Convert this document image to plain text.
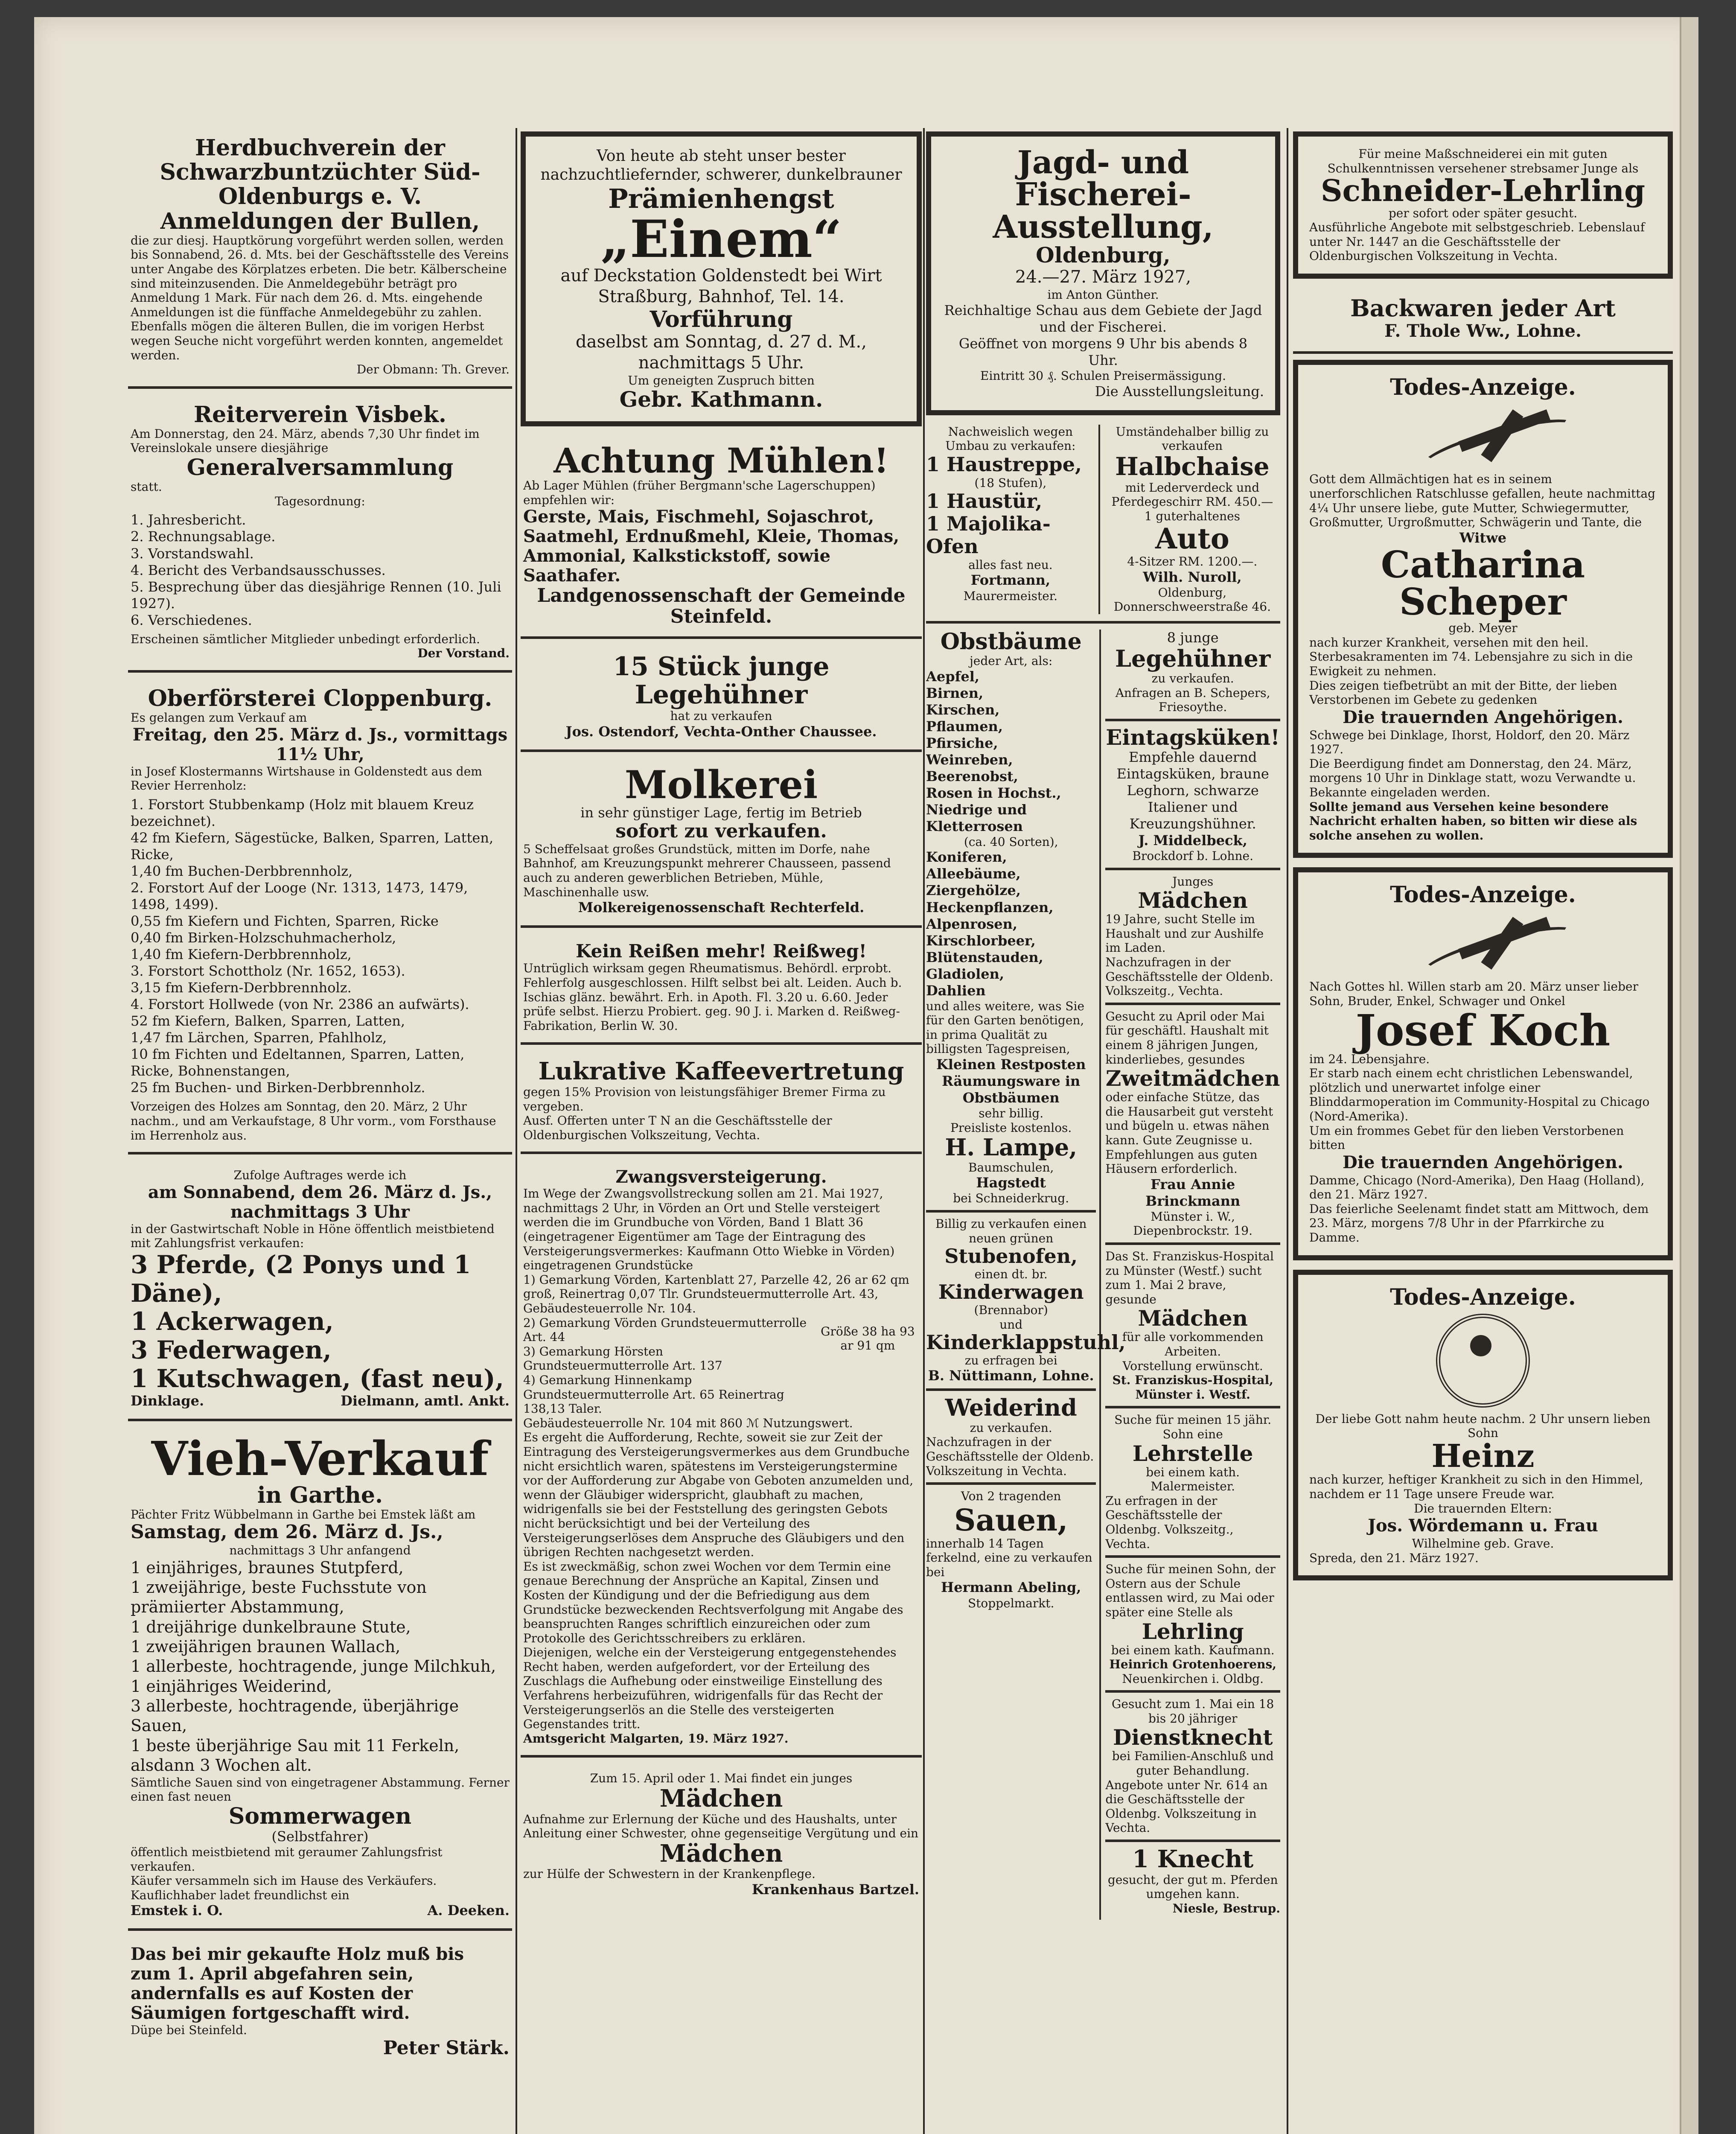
Herdbuchverein der Schwarzbuntzüchter Süd-Oldenburgs e. V.
Anmeldungen der Bullen,
die zur diesj. Hauptkörung vorgeführt werden sollen, werden bis Sonnabend, 26. d. Mts. bei der Geschäftsstelle des Vereins unter Angabe des Körplatzes erbeten. Die betr. Kälberscheine sind miteinzusenden. Die Anmeldegebühr beträgt pro Anmeldung 1 Mark. Für nach dem 26. d. Mts. eingehende Anmeldungen ist die fünffache Anmeldegebühr zu zahlen. Ebenfalls mögen die älteren Bullen, die im vorigen Herbst wegen Seuche nicht vorgeführt werden konnten, angemeldet werden.
Der Obmann: Th. Grever.
Reiterverein Visbek.
Am Donnerstag, den 24. März, abends 7,30 Uhr findet im Vereinslokale unsere diesjährige
Generalversammlung
statt.
Tagesordnung:
1. Jahresbericht.
2. Rechnungsablage.
3. Vorstandswahl.
4. Bericht des Verbandsausschusses.
5. Besprechung über das diesjährige Rennen (10. Juli 1927).
6. Verschiedenes.
Erscheinen sämtlicher Mitglieder unbedingt erforderlich.
Der Vorstand.
Oberförsterei Cloppenburg.
Es gelangen zum Verkauf am
Freitag, den 25. März d. Js., vormittags 11½ Uhr,
in Josef Klostermanns Wirtshause in Goldenstedt aus dem Revier Herrenholz:
1. Forstort Stubbenkamp (Holz mit blauem Kreuz bezeichnet).
42 fm Kiefern, Sägestücke, Balken, Sparren, Latten, Ricke,
1,40 fm Buchen-Derbbrennholz,
2. Forstort Auf der Looge (Nr. 1313, 1473, 1479, 1498, 1499).
0,55 fm Kiefern und Fichten, Sparren, Ricke
0,40 fm Birken-Holzschuhmacherholz,
1,40 fm Kiefern-Derbbrennholz,
3. Forstort Schottholz (Nr. 1652, 1653).
3,15 fm Kiefern-Derbbrennholz.
4. Forstort Hollwede (von Nr. 2386 an aufwärts).
52 fm Kiefern, Balken, Sparren, Latten,
1,47 fm Lärchen, Sparren, Pfahlholz,
10 fm Fichten und Edeltannen, Sparren, Latten, Ricke, Bohnenstangen,
25 fm Buchen- und Birken-Derbbrennholz.
Vorzeigen des Holzes am Sonntag, den 20. März, 2 Uhr nachm., und am Verkaufstage, 8 Uhr vorm., vom Forsthause im Herrenholz aus.
Zufolge Auftrages werde ich
am Sonnabend, dem 26. März d. Js., nachmittags 3 Uhr
in der Gastwirtschaft Noble in Höne öffentlich meistbietend mit Zahlungsfrist verkaufen:
3 Pferde, (2 Ponys und 1 Däne),
1 Ackerwagen,
3 Federwagen,
1 Kutschwagen, (fast neu),
Dinklage.	Dielmann, amtl. Ankt.
Vieh-Verkauf
in Garthe.
Pächter Fritz Wübbelmann in Garthe bei Emstek läßt am
Samstag, dem 26. März d. Js.,
nachmittags 3 Uhr anfangend
1 einjähriges, braunes Stutpferd,
1 zweijährige, beste Fuchsstute von prämiierter Abstammung,
1 dreijährige dunkelbraune Stute,
1 zweijährigen braunen Wallach,
1 allerbeste, hochtragende, junge Milchkuh,
1 einjähriges Weiderind,
3 allerbeste, hochtragende, überjährige Sauen,
1 beste überjährige Sau mit 11 Ferkeln, alsdann 3 Wochen alt.
Sämtliche Sauen sind von eingetragener Abstammung. Ferner einen fast neuen
Sommerwagen
(Selbstfahrer)
öffentlich meistbietend mit geraumer Zahlungsfrist verkaufen.
Käufer versammeln sich im Hause des Verkäufers. Kauflichhaber ladet freundlichst ein
Emstek i. O.	A. Deeken.
Das bei mir gekaufte Holz muß bis zum 1. April abgefahren sein, andernfalls es auf Kosten der Säumigen fortgeschafft wird.
Düpe bei Steinfeld.
Peter Stärk.
Von heute ab steht unser bester nachzuchtliefernder, schwerer, dunkelbrauner
Prämienhengst
„Einem“
auf Deckstation Goldenstedt bei Wirt Straßburg, Bahnhof, Tel. 14.
Vorführung
daselbst am Sonntag, d. 27 d. M., nachmittags 5 Uhr.
Um geneigten Zuspruch bitten
Gebr. Kathmann.
Achtung Mühlen!
Ab Lager Mühlen (früher Bergmann'sche Lagerschuppen) empfehlen wir:
Gerste, Mais, Fischmehl, Sojaschrot, Saatmehl, Erdnußmehl, Kleie, Thomas, Ammonial, Kalkstickstoff, sowie Saathafer.
Landgenossenschaft der Gemeinde Steinfeld.
15 Stück junge Legehühner
hat zu verkaufen
Jos. Ostendorf, Vechta-Onther Chaussee.
Molkerei
in sehr günstiger Lage, fertig im Betrieb
sofort zu verkaufen.
5 Scheffelsaat großes Grundstück, mitten im Dorfe, nahe Bahnhof, am Kreuzungspunkt mehrerer Chausseen, passend auch zu anderen gewerblichen Betrieben, Mühle, Maschinenhalle usw.
Molkereigenossenschaft Rechterfeld.
Kein Reißen mehr! Reißweg!
Untrüglich wirksam gegen Rheumatismus. Behördl. erprobt. Fehlerfolg ausgeschlossen. Hilft selbst bei alt. Leiden. Auch b. Ischias glänz. bewährt. Erh. in Apoth. Fl. 3.20 u. 6.60. Jeder prüfe selbst. Hierzu Probiert. geg. 90 J. i. Marken d. Reißweg-Fabrikation, Berlin W. 30.
Lukrative Kaffeevertretung
gegen 15% Provision von leistungsfähiger Bremer Firma zu vergeben.
Ausf. Offerten unter T N an die Geschäftsstelle der Oldenburgischen Volkszeitung, Vechta.
Zwangsversteigerung.
Im Wege der Zwangsvollstreckung sollen am 21. Mai 1927, nachmittags 2 Uhr, in Vörden an Ort und Stelle versteigert werden die im Grundbuche von Vörden, Band 1 Blatt 36 (eingetragener Eigentümer am Tage der Eintragung des Versteigerungsvermerkes: Kaufmann Otto Wiebke in Vörden) eingetragenen Grundstücke
1) Gemarkung Vörden, Kartenblatt 27, Parzelle 42, 26 ar 62 qm groß, Reinertrag 0,07 Tlr. Grundsteuermutterrolle Art. 43, Gebäudesteuerrolle Nr. 104.
2) Gemarkung Vörden Grundsteuermutterrolle Art. 44
3) Gemarkung Hörsten Grundsteuermutterrolle Art. 137
4) Gemarkung Hinnenkamp Grundsteuermutterrolle Art. 65 Reinertrag 138,13 Taler.
Größe 38 ha 93 ar 91 qm
Gebäudesteuerrolle Nr. 104 mit 860 ℳ Nutzungswert.
Es ergeht die Aufforderung, Rechte, soweit sie zur Zeit der Eintragung des Versteigerungsvermerkes aus dem Grundbuche nicht ersichtlich waren, spätestens im Versteigerungstermine vor der Aufforderung zur Abgabe von Geboten anzumelden und, wenn der Gläubiger widerspricht, glaubhaft zu machen, widrigenfalls sie bei der Feststellung des geringsten Gebots nicht berücksichtigt und bei der Verteilung des Versteigerungserlöses dem Anspruche des Gläubigers und den übrigen Rechten nachgesetzt werden.
Es ist zweckmäßig, schon zwei Wochen vor dem Termin eine genaue Berechnung der Ansprüche an Kapital, Zinsen und Kosten der Kündigung und der die Befriedigung aus dem Grundstücke bezweckenden Rechtsverfolgung mit Angabe des beanspruchten Ranges schriftlich einzureichen oder zum Protokolle des Gerichtsschreibers zu erklären.
Diejenigen, welche ein der Versteigerung entgegenstehendes Recht haben, werden aufgefordert, vor der Erteilung des Zuschlags die Aufhebung oder einstweilige Einstellung des Verfahrens herbeizuführen, widrigenfalls für das Recht der Versteigerungserlös an die Stelle des versteigerten Gegenstandes tritt.
Amtsgericht Malgarten, 19. März 1927.
Zum 15. April oder 1. Mai findet ein junges
Mädchen
Aufnahme zur Erlernung der Küche und des Haushalts, unter Anleitung einer Schwester, ohne gegenseitige Vergütung und ein
Mädchen
zur Hülfe der Schwestern in der Krankenpflege.
Krankenhaus Bartzel.
Jagd- und Fischerei-Ausstellung,
Oldenburg,
24.—27. März 1927,
im Anton Günther.
Reichhaltige Schau aus dem Gebiete der Jagd und der Fischerei.
Geöffnet von morgens 9 Uhr bis abends 8 Uhr.
Eintritt 30 ₰. Schulen Preisermässigung.
Die Ausstellungsleitung.
Nachweislich wegen Umbau zu verkaufen:
1 Haustreppe,
(18 Stufen),
1 Haustür,
1 Majolika-Ofen
alles fast neu.
Fortmann,
Maurermeister.
Umständehalber billig zu verkaufen
Halbchaise
mit Lederverdeck und Pferdegeschirr RM. 450.—
1 guterhaltenes
Auto
4-Sitzer RM. 1200.—.
Wilh. Nuroll,
Oldenburg, Donnerschweerstraße 46.
Obstbäume
jeder Art, als:
Aepfel,
Birnen,
Kirschen,
Pflaumen,
Pfirsiche,
Weinreben,
Beerenobst,
Rosen in Hochst.,
Niedrige und Kletterrosen
(ca. 40 Sorten),
Koniferen,
Alleebäume,
Ziergehölze,
Heckenpflanzen,
Alpenrosen,
Kirschlorbeer,
Blütenstauden,
Gladiolen,
Dahlien
und alles weitere, was Sie für den Garten benötigen, in prima Qualität zu billigsten Tagespreisen,
Kleinen Restposten Räumungsware in Obstbäumen
sehr billig.
Preisliste kostenlos.
H. Lampe,
Baumschulen,
Hagstedt
bei Schneiderkrug.
Billig zu verkaufen einen neuen grünen
Stubenofen,
einen dt. br.
Kinderwagen
(Brennabor)
und
Kinderklappstuhl,
zu erfragen bei
B. Nüttimann, Lohne.
Weiderind
zu verkaufen.
Nachzufragen in der Geschäftsstelle der Oldenb. Volkszeitung in Vechta.
Von 2 tragenden
Sauen,
innerhalb 14 Tagen ferkelnd, eine zu verkaufen bei
Hermann Abeling,
Stoppelmarkt.
8 junge
Legehühner
zu verkaufen.
Anfragen an B. Schepers, Friesoythe.
Eintagsküken!
Empfehle dauernd Eintagsküken, braune Leghorn, schwarze Italiener und Kreuzungshühner.
J. Middelbeck,
Brockdorf b. Lohne.
Junges
Mädchen
19 Jahre, sucht Stelle im Haushalt und zur Aushilfe im Laden.
Nachzufragen in der Geschäftsstelle der Oldenb. Volkszeitg., Vechta.
Gesucht zu April oder Mai für geschäftl. Haushalt mit einem 8 jährigen Jungen, kinderliebes, gesundes
Zweitmädchen
oder einfache Stütze, das die Hausarbeit gut versteht und bügeln u. etwas nähen kann. Gute Zeugnisse u. Empfehlungen aus guten Häusern erforderlich.
Frau Annie Brinckmann
Münster i. W., Diepenbrockstr. 19.
Das St. Franziskus-Hospital zu Münster (Westf.) sucht zum 1. Mai 2 brave, gesunde
Mädchen
für alle vorkommenden Arbeiten.
Vorstellung erwünscht.
St. Franziskus-Hospital, Münster i. Westf.
Suche für meinen 15 jähr. Sohn eine
Lehrstelle
bei einem kath. Malermeister.
Zu erfragen in der Geschäftsstelle der Oldenbg. Volkszeitg., Vechta.
Suche für meinen Sohn, der Ostern aus der Schule entlassen wird, zu Mai oder später eine Stelle als
Lehrling
bei einem kath. Kaufmann.
Heinrich Grotenhoerens,
Neuenkirchen i. Oldbg.
Gesucht zum 1. Mai ein 18 bis 20 jähriger
Dienstknecht
bei Familien-Anschluß und guter Behandlung.
Angebote unter Nr. 614 an die Geschäftsstelle der Oldenbg. Volkszeitung in Vechta.
1 Knecht
gesucht, der gut m. Pferden umgehen kann.
Niesle, Bestrup.
Für meine Maßschneiderei ein mit guten Schulkenntnissen versehener strebsamer Junge als
Schneider-Lehrling
per sofort oder später gesucht.
Ausführliche Angebote mit selbstgeschrieb. Lebenslauf unter Nr. 1447 an die Geschäftsstelle der Oldenburgischen Volkszeitung in Vechta.
Backwaren jeder Art
F. Thole Ww., Lohne.
Todes-Anzeige.
Gott dem Allmächtigen hat es in seinem unerforschlichen Ratschlusse gefallen, heute nachmittag 4¼ Uhr unsere liebe, gute Mutter, Schwiegermutter, Großmutter, Urgroßmutter, Schwägerin und Tante, die
Witwe
Catharina Scheper
geb. Meyer
nach kurzer Krankheit, versehen mit den heil. Sterbesakramenten im 74. Lebensjahre zu sich in die Ewigkeit zu nehmen.
Dies zeigen tiefbetrübt an mit der Bitte, der lieben Verstorbenen im Gebete zu gedenken
Die trauernden Angehörigen.
Schwege bei Dinklage, Ihorst, Holdorf, den 20. März 1927.
Die Beerdigung findet am Donnerstag, den 24. März, morgens 10 Uhr in Dinklage statt, wozu Verwandte u. Bekannte eingeladen werden.
Sollte jemand aus Versehen keine besondere Nachricht erhalten haben, so bitten wir diese als solche ansehen zu wollen.
Todes-Anzeige.
Nach Gottes hl. Willen starb am 20. März unser lieber Sohn, Bruder, Enkel, Schwager und Onkel
Josef Koch
im 24. Lebensjahre.
Er starb nach einem echt christlichen Lebenswandel, plötzlich und unerwartet infolge einer Blinddarmoperation im Community-Hospital zu Chicago (Nord-Amerika).
Um ein frommes Gebet für den lieben Verstorbenen bitten
Die trauernden Angehörigen.
Damme, Chicago (Nord-Amerika), Den Haag (Holland), den 21. März 1927.
Das feierliche Seelenamt findet statt am Mittwoch, dem 23. März, morgens 7/8 Uhr in der Pfarrkirche zu Damme.
Todes-Anzeige.
Der liebe Gott nahm heute nachm. 2 Uhr unsern lieben Sohn
Heinz
nach kurzer, heftiger Krankheit zu sich in den Himmel, nachdem er 11 Tage unsere Freude war.
Die trauernden Eltern:
Jos. Wördemann u. Frau
Wilhelmine geb. Grave.
Spreda, den 21. März 1927.
